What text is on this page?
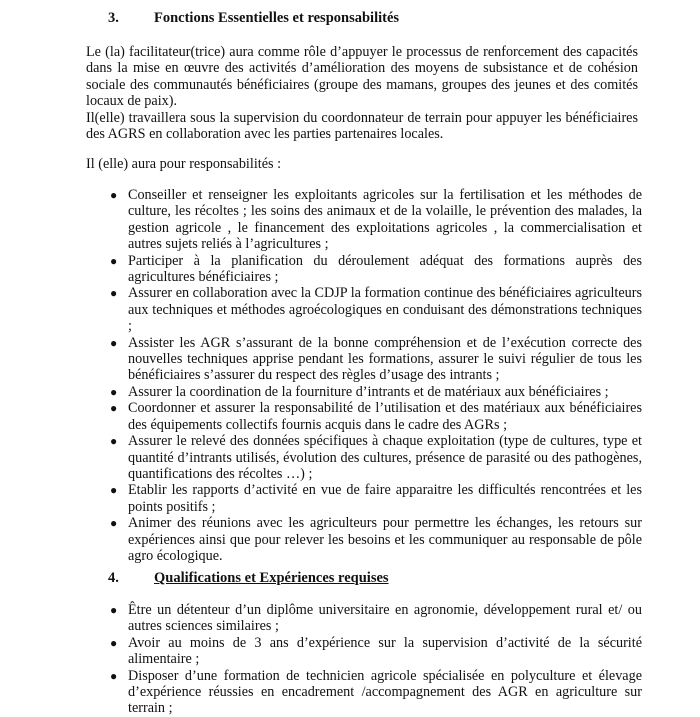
3. Fonctions Essentielles et responsabilités
Le (la) facilitateur(trice) aura comme rôle d’appuyer le processus de renforcement des capacités dans la mise en œuvre des activités d’amélioration des moyens de subsistance et de cohésion sociale des communautés bénéficiaires (groupe des mamans, groupes des jeunes et des comités locaux de paix).
Il(elle) travaillera sous la supervision du coordonnateur de terrain pour appuyer les bénéficiaires des AGRS en collaboration avec les parties partenaires locales.
Il (elle) aura pour responsabilités :
● Conseiller et renseigner les exploitants agricoles sur la fertilisation et les méthodes de culture, les récoltes ; les soins des animaux et de la volaille, le prévention des malades, la gestion agricole , le financement des exploitations agricoles , la commercialisation et autres sujets reliés à l’agricultures ;
● Participer à la planification du déroulement adéquat des formations auprès des agricultures bénéficiaires ;
● Assurer en collaboration avec la CDJP la formation continue des bénéficiaires agriculteurs aux techniques et méthodes agroécologiques en conduisant des démonstrations techniques ;
● Assister les AGR s’assurant de la bonne compréhension et de l’exécution correcte des nouvelles techniques apprise pendant les formations, assurer le suivi régulier de tous les bénéficiaires s’assurer du respect des règles d’usage des intrants ;
● Assurer la coordination de la fourniture d’intrants et de matériaux aux bénéficiaires ;
● Coordonner et assurer la responsabilité de l’utilisation et des matériaux aux bénéficiaires des équipements collectifs fournis acquis dans le cadre des AGRs ;
● Assurer le relevé des données spécifiques à chaque exploitation (type de cultures, type et quantité d’intrants utilisés, évolution des cultures, présence de parasité ou des pathogènes, quantifications des récoltes …) ;
● Etablir les rapports d’activité en vue de faire apparaitre les difficultés rencontrées et les points positifs ;
● Animer des réunions avec les agriculteurs pour permettre les échanges, les retours sur expériences ainsi que pour relever les besoins et les communiquer au responsable de pôle agro écologique.
4. Qualifications et Expériences requises
● Être un détenteur d’un diplôme universitaire en agronomie, développement rural et/ ou autres sciences similaires ;
● Avoir au moins de 3 ans d’expérience sur la supervision d’activité de la sécurité alimentaire ;
● Disposer d’une formation de technicien agricole spécialisée en polyculture et élevage d’expérience réussies en encadrement /accompagnement des AGR en agriculture sur terrain ;
